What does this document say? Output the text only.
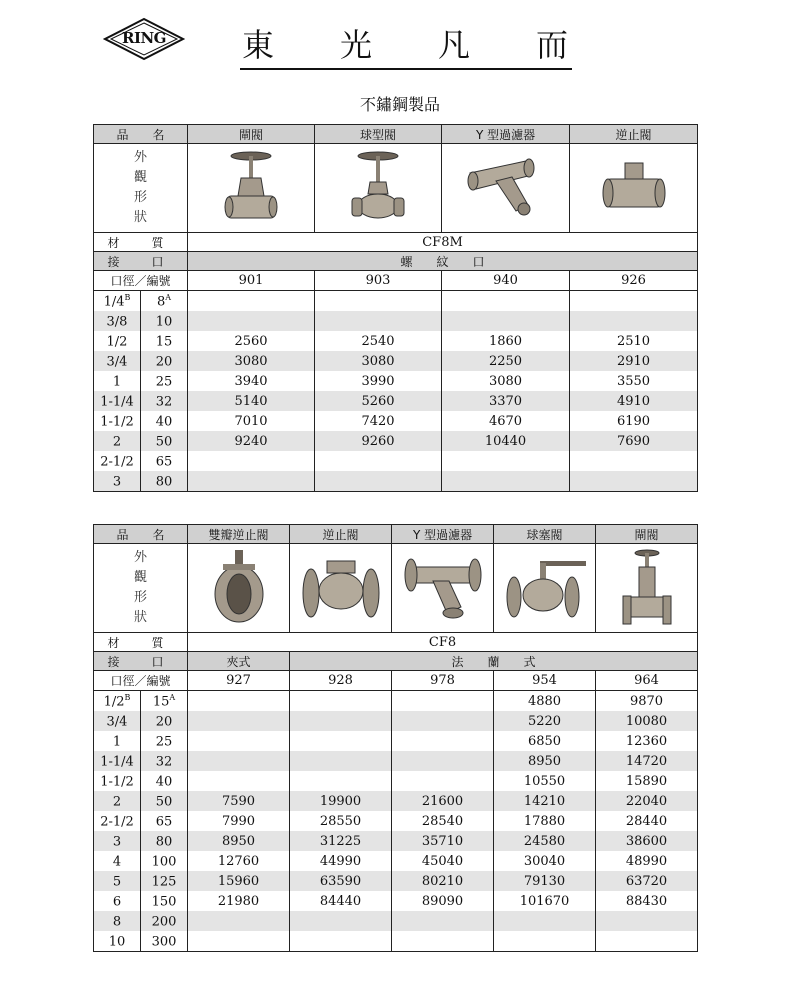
RING	東 光 凡 而
不鏽鋼製品
品　　名		閘閥	球型閥	Y 型過濾器	逆止閥

外
觀
形
狀

材　質		CF8M			
接　口		螺　　紋　　口			
口徑／編號		901	903	940	926
$1/4^B$	$8^A$				
3/8	10				
1/2	15	2560	2540	1860	2510
3/4	20	3080	3080	2250	2910
1	25	3940	3990	3080	3550
1-1/4	32	5140	5260	3370	4910
1-1/2	40	7010	7420	4670	6190
2	50	9240	9260	10440	7690
2-1/2	65				
3	80				
品　　名		雙瓣逆止閥	逆止閥	Y 型過濾器	球塞閥	閘閥

外
觀
形
狀

材　質		CF8				
接　口		夾式	法　　蘭　　式			
口徑／編號		927	928	978	954	964
$1/2^B$	$15^A$				4880	9870
3/4	20				5220	10080
1	25				6850	12360
1-1/4	32				8950	14720
1-1/2	40				10550	15890
2	50	7590	19900	21600	14210	22040
2-1/2	65	7990	28550	28540	17880	28440
3	80	8950	31225	35710	24580	38600
4	100	12760	44990	45040	30040	48990
5	125	15960	63590	80210	79130	63720
6	150	21980	84440	89090	101670	88430
8	200					
10	300					
